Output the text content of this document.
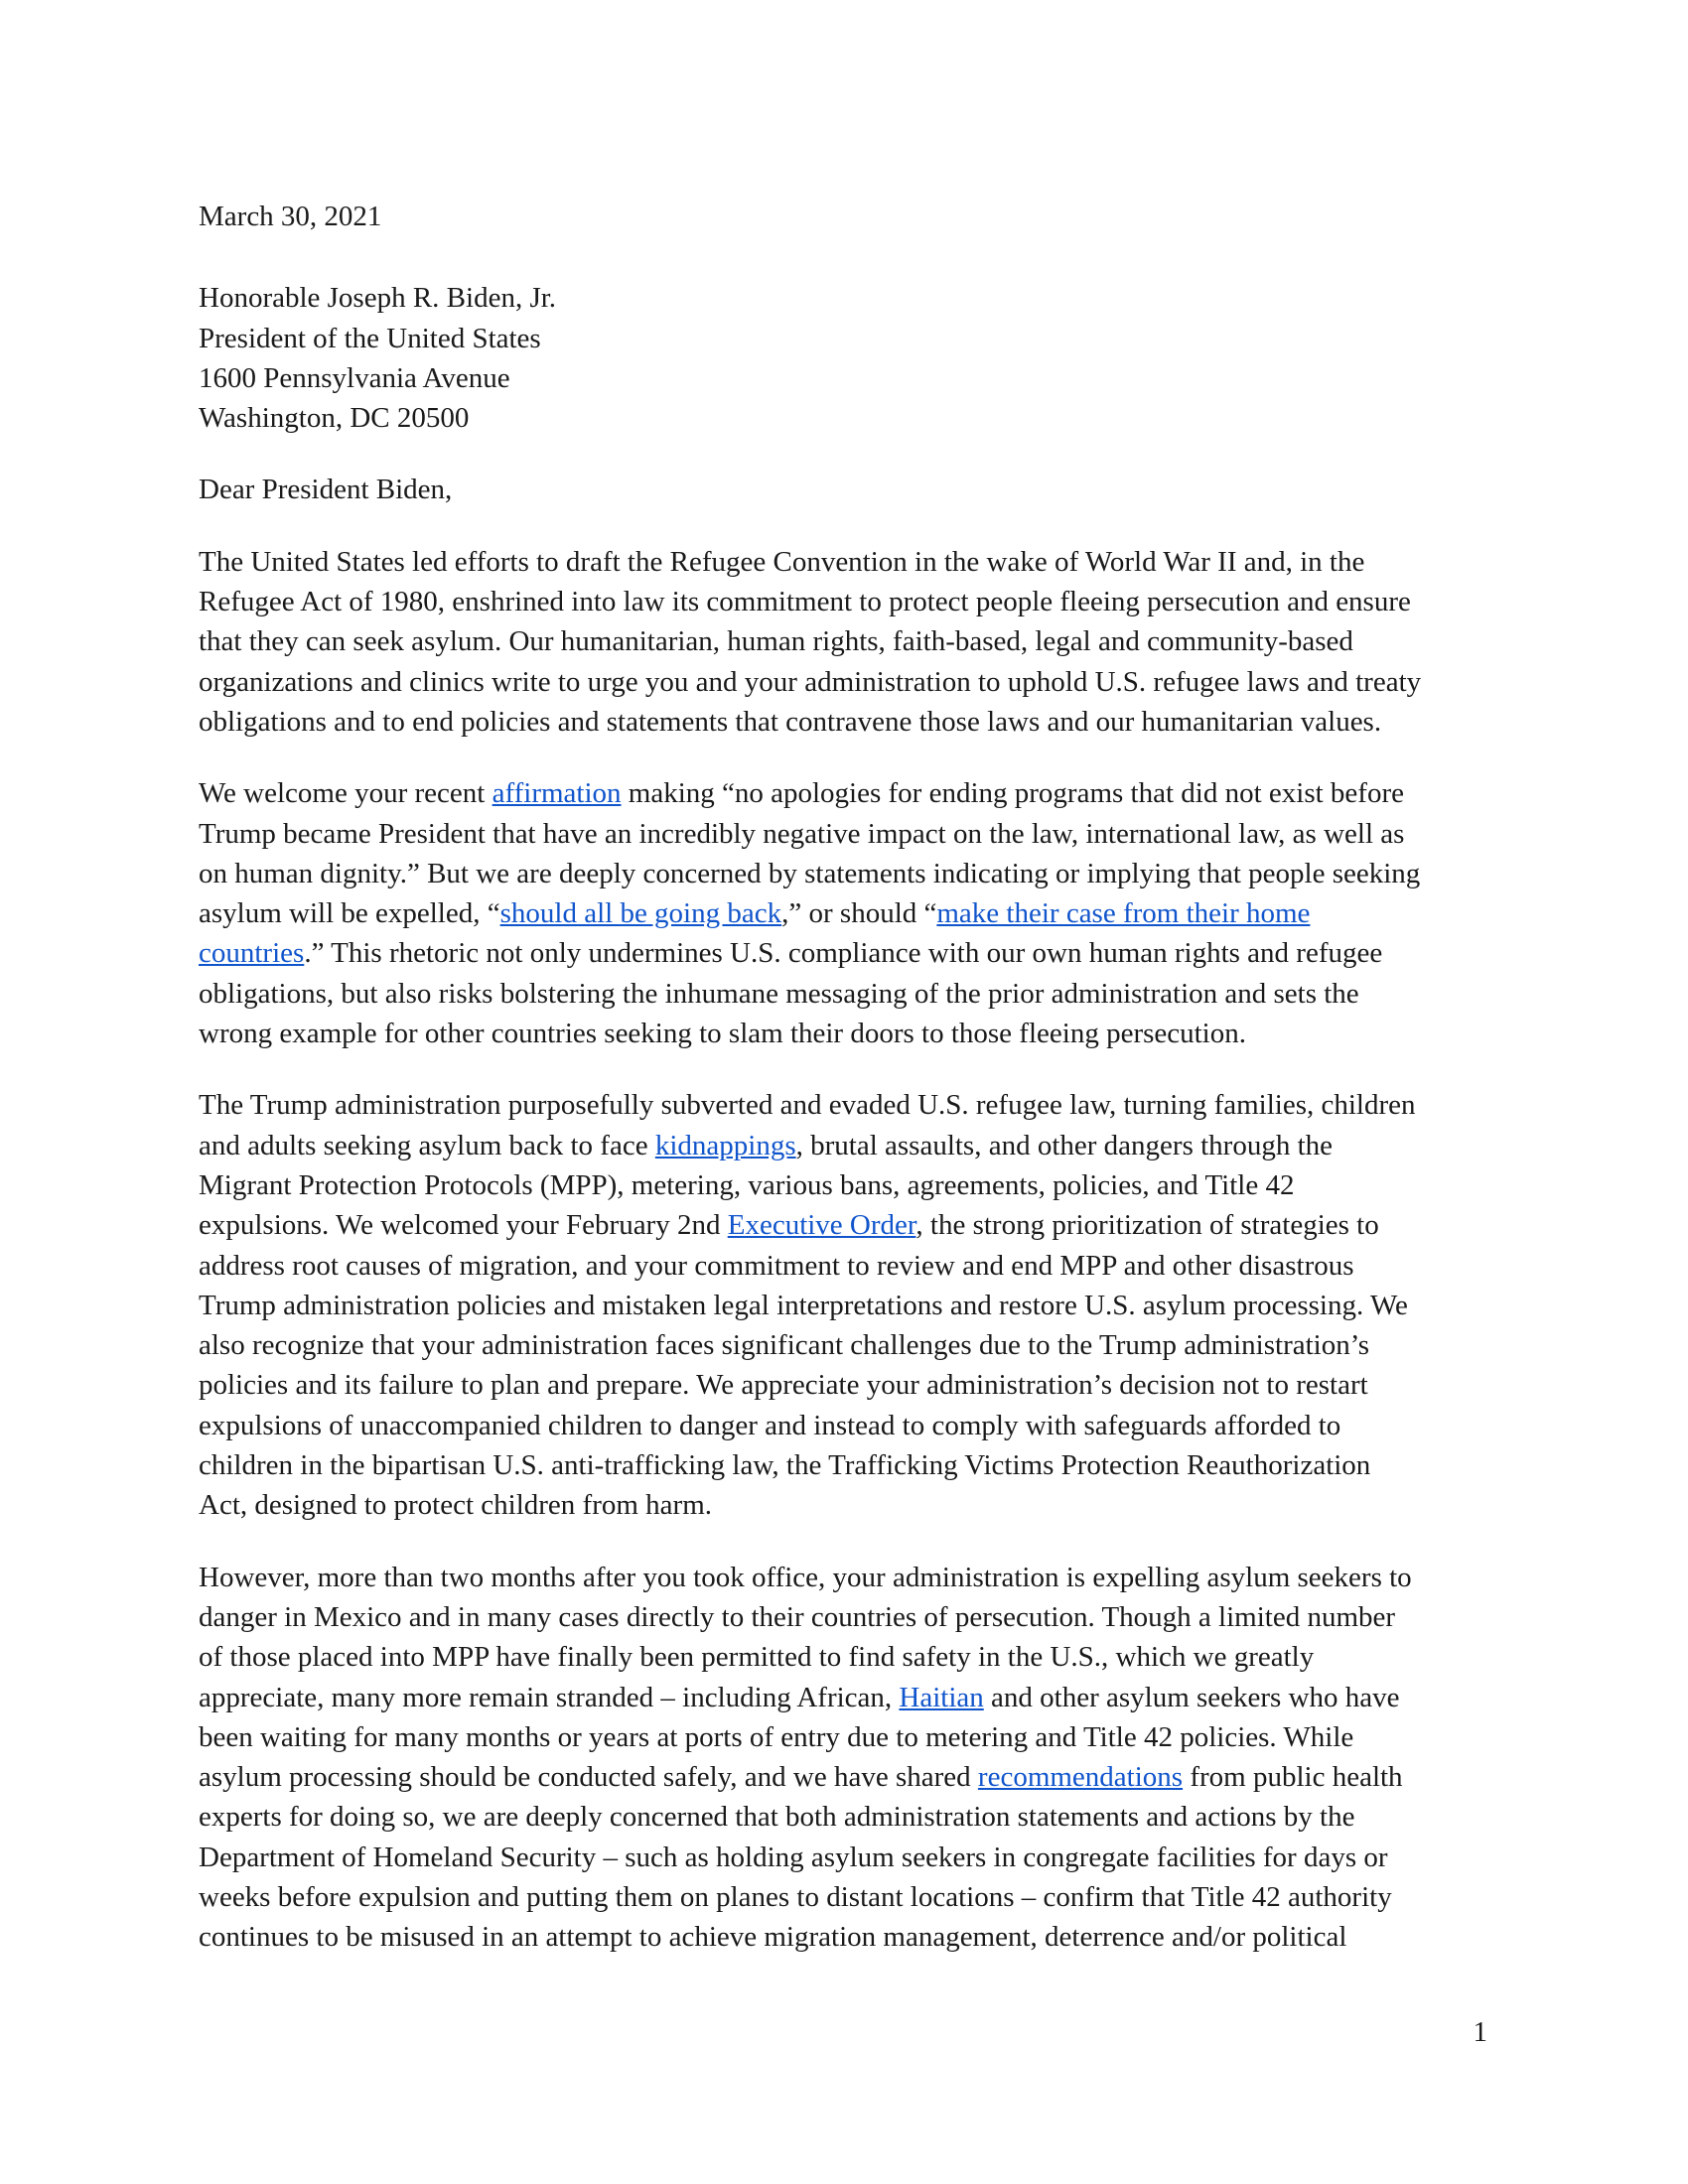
March 30, 2021
Honorable Joseph R. Biden, Jr.
President of the United States
1600 Pennsylvania Avenue
Washington, DC 20500
Dear President Biden,
The United States led efforts to draft the Refugee Convention in the wake of World War II and, in the
Refugee Act of 1980, enshrined into law its commitment to protect people fleeing persecution and ensure
that they can seek asylum. Our humanitarian, human rights, faith-based, legal and community-based
organizations and clinics write to urge you and your administration to uphold U.S. refugee laws and treaty
obligations and to end policies and statements that contravene those laws and our humanitarian values.
We welcome your recent affirmation making “no apologies for ending programs that did not exist before
Trump became President that have an incredibly negative impact on the law, international law, as well as
on human dignity.” But we are deeply concerned by statements indicating or implying that people seeking
asylum will be expelled, “should all be going back,” or should “make their case from their home
countries.” This rhetoric not only undermines U.S. compliance with our own human rights and refugee
obligations, but also risks bolstering the inhumane messaging of the prior administration and sets the
wrong example for other countries seeking to slam their doors to those fleeing persecution.
The Trump administration purposefully subverted and evaded U.S. refugee law, turning families, children
and adults seeking asylum back to face kidnappings, brutal assaults, and other dangers through the
Migrant Protection Protocols (MPP), metering, various bans, agreements, policies, and Title 42
expulsions. We welcomed your February 2nd Executive Order, the strong prioritization of strategies to
address root causes of migration, and your commitment to review and end MPP and other disastrous
Trump administration policies and mistaken legal interpretations and restore U.S. asylum processing. We
also recognize that your administration faces significant challenges due to the Trump administration’s
policies and its failure to plan and prepare. We appreciate your administration’s decision not to restart
expulsions of unaccompanied children to danger and instead to comply with safeguards afforded to
children in the bipartisan U.S. anti-trafficking law, the Trafficking Victims Protection Reauthorization
Act, designed to protect children from harm.
However, more than two months after you took office, your administration is expelling asylum seekers to
danger in Mexico and in many cases directly to their countries of persecution. Though a limited number
of those placed into MPP have finally been permitted to find safety in the U.S., which we greatly
appreciate, many more remain stranded – including African, Haitian and other asylum seekers who have
been waiting for many months or years at ports of entry due to metering and Title 42 policies. While
asylum processing should be conducted safely, and we have shared recommendations from public health
experts for doing so, we are deeply concerned that both administration statements and actions by the
Department of Homeland Security – such as holding asylum seekers in congregate facilities for days or
weeks before expulsion and putting them on planes to distant locations – confirm that Title 42 authority
continues to be misused in an attempt to achieve migration management, deterrence and/or political
1
